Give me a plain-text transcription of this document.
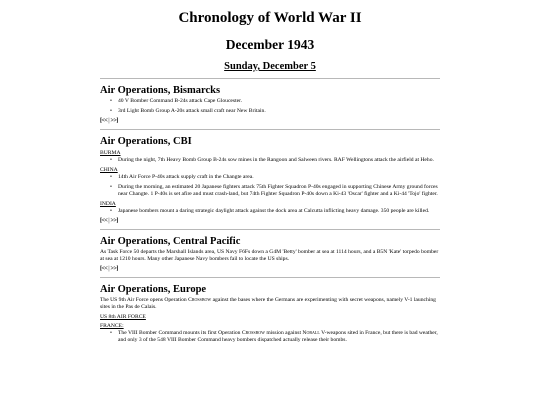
Chronology of World War II
December 1943
Sunday, December 5
Air Operations, Bismarcks
• 40 V Bomber Command B-24s attack Cape Gloucester.
• 3rd Light Bomb Group A-20s attack small craft near New Britain.
[<<|>>]
Air Operations, CBI
BURMA
• During the night, 7th Heavy Bomb Group B-24s sow mines in the Rangoon and Salween rivers. RAF Wellingtons attack the airfield at Heho.
CHINA
• 14th Air Force P-40s attack supply craft in the Changte area.
• During the morning, an estimated 20 Japanese fighters attack 75th Fighter Squadron P-40s engaged in supporting Chinese Army ground forces near Changte. 1 P-40s is set afire and must crash-land, but 74th Fighter Squadron P-40s down a Ki-43 'Oscar' fighter and a Ki-44 'Tojo' fighter.
INDIA
• Japanese bombers mount a daring strategic daylight attack against the dock area at Calcutta inflicting heavy damage. 350 people are killed.
[<<|>>]
Air Operations, Central Pacific
As Task Force 50 departs the Marshall Islands area, US Navy F6Fs down a G4M 'Betty' bomber at sea at 1114 hours, and a B5N 'Kate' torpedo bomber at sea at 1210 hours. Many other Japanese Navy bombers fail to locate the US ships.
[<<|>>]
Air Operations, Europe
The US 9th Air Force opens Operation Crossbow against the bases where the Germans are experimenting with secret weapons, namely V-1 launching sites in the Pas de Calais.
US 8th AIR FORCE
FRANCE:
• The VIII Bomber Command mounts its first Operation Crossbow mission against Noball V-weapons sited in France, but there is bad weather, and only 3 of the 548 VIII Bomber Command heavy bombers dispatched actually release their bombs.
